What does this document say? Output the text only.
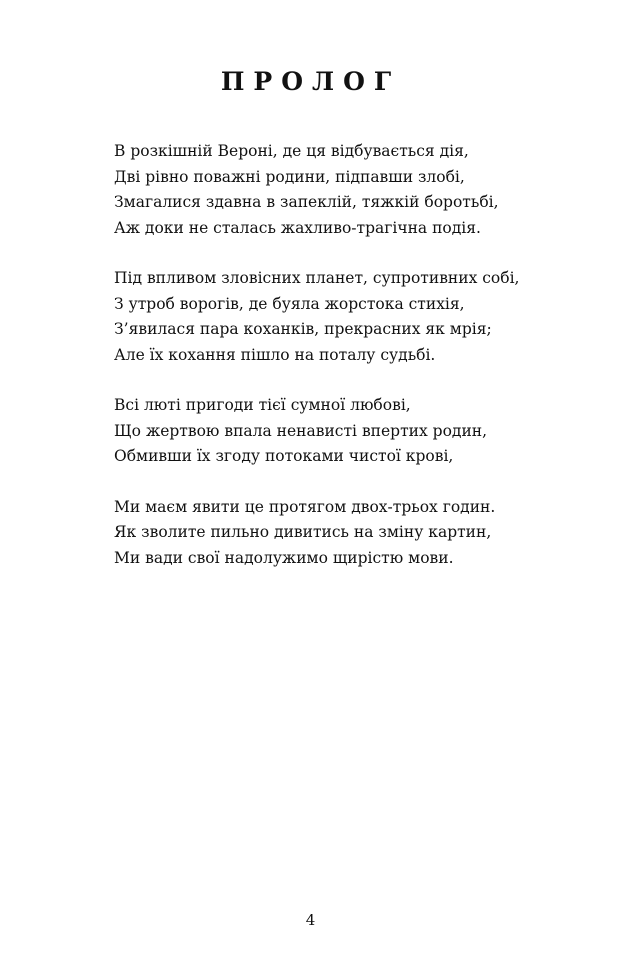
ПРОЛОГ
В розкішній Вероні, де ця відбувається дія,
Дві рівно поважні родини, підпавши злобі,
Змагалися здавна в запеклій, тяжкій боротьбі,
Аж доки не сталась жахливо-трагічна подія.
Під впливом зловісних планет, супротивних собі,
З утроб ворогів, де буяла жорстока стихія,
З’явилася пара коханків, прекрасних як мрія;
Але їх кохання пішло на поталу судьбі.
Всі люті пригоди тієї сумної любові,
Що жертвою впала ненависті впертих родин,
Обмивши їх згоду потоками чистої крові,
Ми маєм явити це протягом двох-трьох годин.
Як зволите пильно дивитись на зміну картин,
Ми вади свої надолужимо щирістю мови.
4
